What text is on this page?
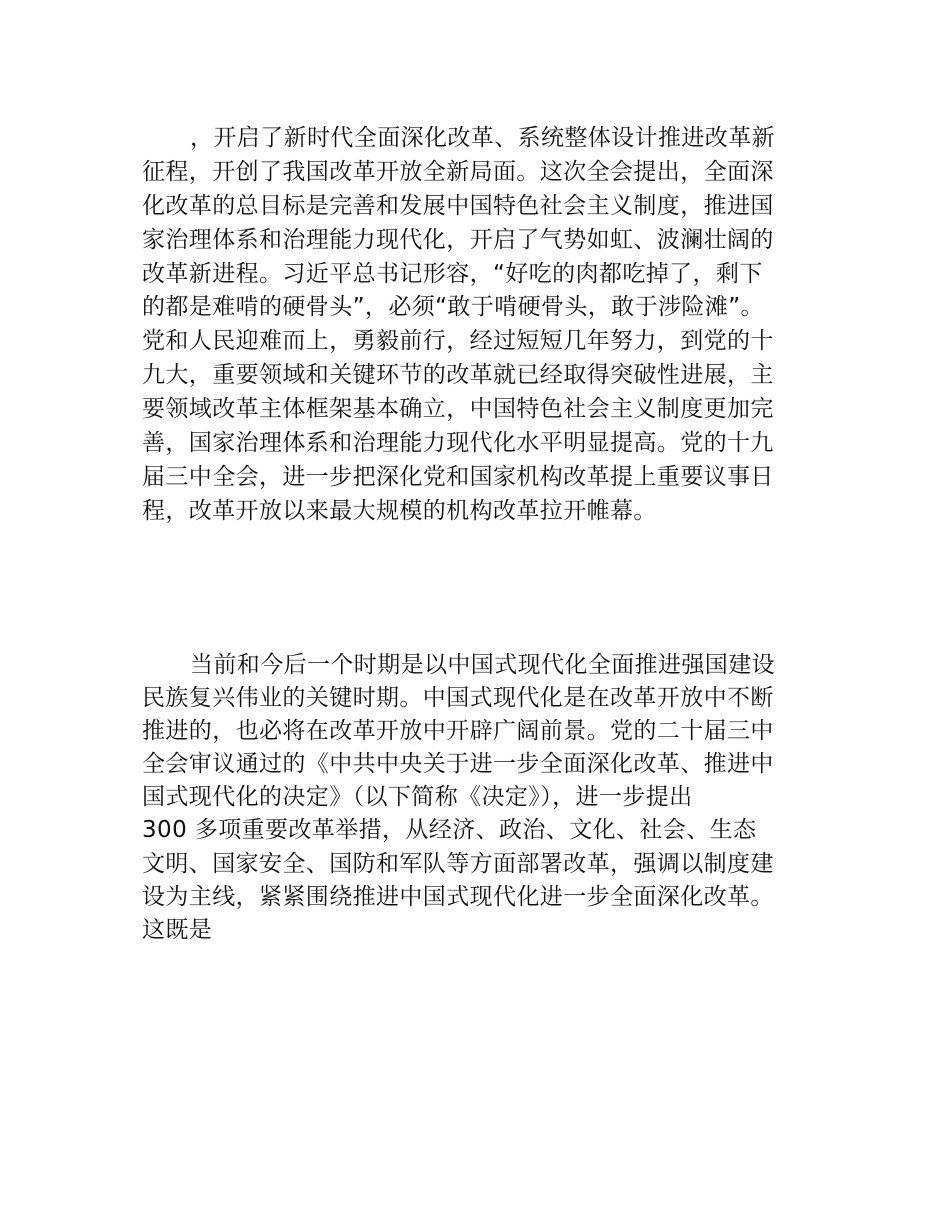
，开启了新时代全面深化改革、系统整体设计推进改革新
征程，开创了我国改革开放全新局面。这次全会提出，全面深
化改革的总目标是完善和发展中国特色社会主义制度，推进国
家治理体系和治理能力现代化，开启了气势如虹、波澜壮阔的
改革新进程。习近平总书记形容，“好吃的肉都吃掉了，剩下
的都是难啃的硬骨头”，必须“敢于啃硬骨头，敢于涉险滩”。
党和人民迎难而上，勇毅前行，经过短短几年努力，到党的十
九大，重要领域和关键环节的改革就已经取得突破性进展，主
要领域改革主体框架基本确立，中国特色社会主义制度更加完
善，国家治理体系和治理能力现代化水平明显提高。党的十九
届三中全会，进一步把深化党和国家机构改革提上重要议事日
程，改革开放以来最大规模的机构改革拉开帷幕。
当前和今后一个时期是以中国式现代化全面推进强国建设
民族复兴伟业的关键时期。中国式现代化是在改革开放中不断
推进的，也必将在改革开放中开辟广阔前景。党的二十届三中
全会审议通过的《中共中央关于进一步全面深化改革、推进中
国式现代化的决定》（以下简称《决定》），进一步提出
300 多项重要改革举措，从经济、政治、文化、社会、生态
文明、国家安全、国防和军队等方面部署改革，强调以制度建
设为主线，紧紧围绕推进中国式现代化进一步全面深化改革。
这既是
